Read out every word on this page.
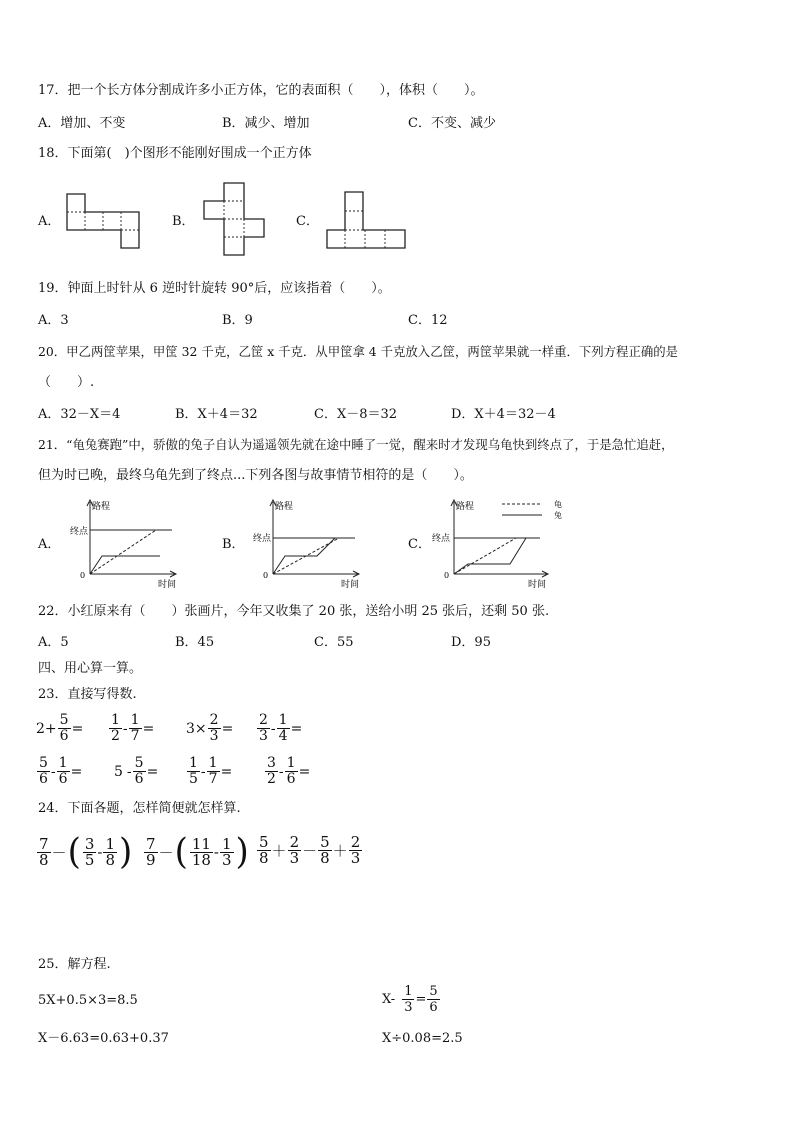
17．把一个长方体分割成许多小正方体，它的表面积（　　），体积（　　）。
A．增加、不变	B．减少、增加	C．不变、减少
18．下面第(　)个图形不能刚好围成一个正方体
A．	B．	C．
19．钟面上时针从 6 逆时针旋转 90°后，应该指着（　　）。
A．3	B．9	C．12
20．甲乙两筐苹果，甲筐 32 千克，乙筐 x 千克．从甲筐拿 4 千克放入乙筐，两筐苹果就一样重．下列方程正确的是
（　　）.
A．32－X＝4	B．X＋4＝32	C．X－8＝32	D．X＋4＝32－4
21．“龟兔赛跑”中，骄傲的兔子自认为遥遥领先就在途中睡了一觉，醒来时才发现乌龟快到终点了，于是急忙追赶，
但为时已晚，最终乌龟先到了终点...下列各图与故事情节相符的是（　　）。
A．
路程
终点
0
时间
B．
路程
终点
0
时间
C．
龟
兔
路程
终点
0
时间
22．小红原来有（　　）张画片，今年又收集了 20 张，送给小明 25 张后，还剩 50 张.
A．5	B．45	C．55	D．95
四、用心算一算。
23．直接写得数.
$2 + \frac{5}{6} = \frac{1}{2} - \frac{1}{7} = 3 \times \frac{2}{3} = \frac{2}{3} - \frac{1}{4}$ =
$\frac{5}{6} - \frac{1}{6} = 5 - \frac{5}{6} = \frac{1}{5} - \frac{1}{7} = \frac{3}{2} - \frac{1}{6}$ =
24．下面各题，怎样简便就怎样算.
$\frac{7}{8}$ － ( $\frac{3}{5} - \frac{1}{8}$ ) $\frac{7}{9}$ － ( $\frac{11}{18} - \frac{1}{3}$ ) $\frac{5}{8} + \frac{2}{3} - \frac{5}{8} + \frac{2}{3}$
25．解方程.
5X+0.5×3=8.5	$X- \frac{1}{3} = \frac{5}{6}$
X－6.63=0.63+0.37	X÷0.08=2.5
